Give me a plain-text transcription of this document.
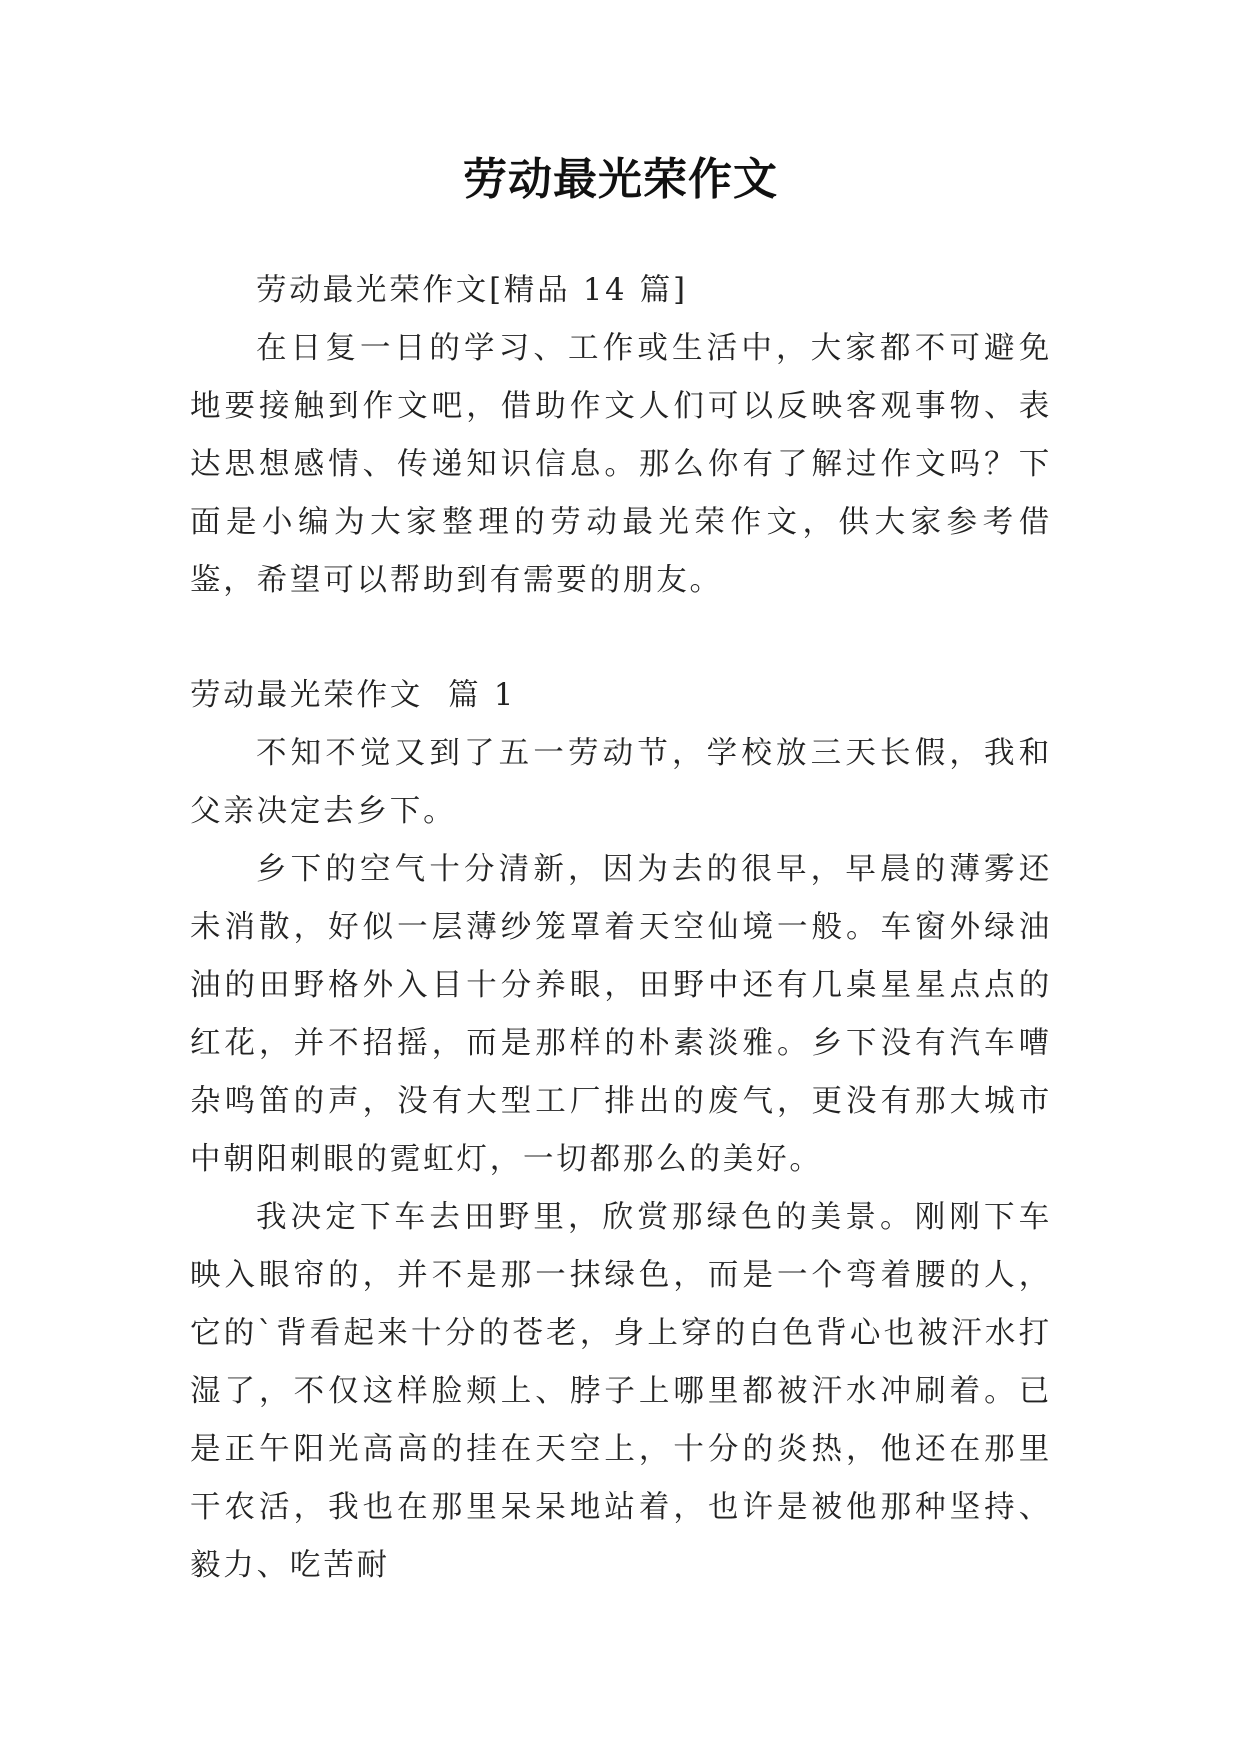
劳动最光荣作文

劳动最光荣作文[精品 14 篇]

在日复一日的学习、工作或生活中，大家都不可避免地要接触到作文吧，借助作文人们可以反映客观事物、表达思想感情、传递知识信息。那么你有了解过作文吗？下面是小编为大家整理的劳动最光荣作文，供大家参考借鉴，希望可以帮助到有需要的朋友。

劳动最光荣作文  篇 1

不知不觉又到了五一劳动节，学校放三天长假，我和父亲决定去乡下。

乡下的空气十分清新，因为去的很早，早晨的薄雾还未消散，好似一层薄纱笼罩着天空仙境一般。车窗外绿油油的田野格外入目十分养眼，田野中还有几桌星星点点的红花，并不招摇，而是那样的朴素淡雅。乡下没有汽车嘈杂鸣笛的声，没有大型工厂排出的废气，更没有那大城市中朝阳刺眼的霓虹灯，一切都那么的美好。

我决定下车去田野里，欣赏那绿色的美景。刚刚下车映入眼帘的，并不是那一抹绿色，而是一个弯着腰的人，它的`背看起来十分的苍老，身上穿的白色背心也被汗水打湿了，不仅这样脸颊上、脖子上哪里都被汗水冲刷着。已是正午阳光高高的挂在天空上，十分的炎热，他还在那里干农活，我也在那里呆呆地站着，也许是被他那种坚持、毅力、吃苦耐
